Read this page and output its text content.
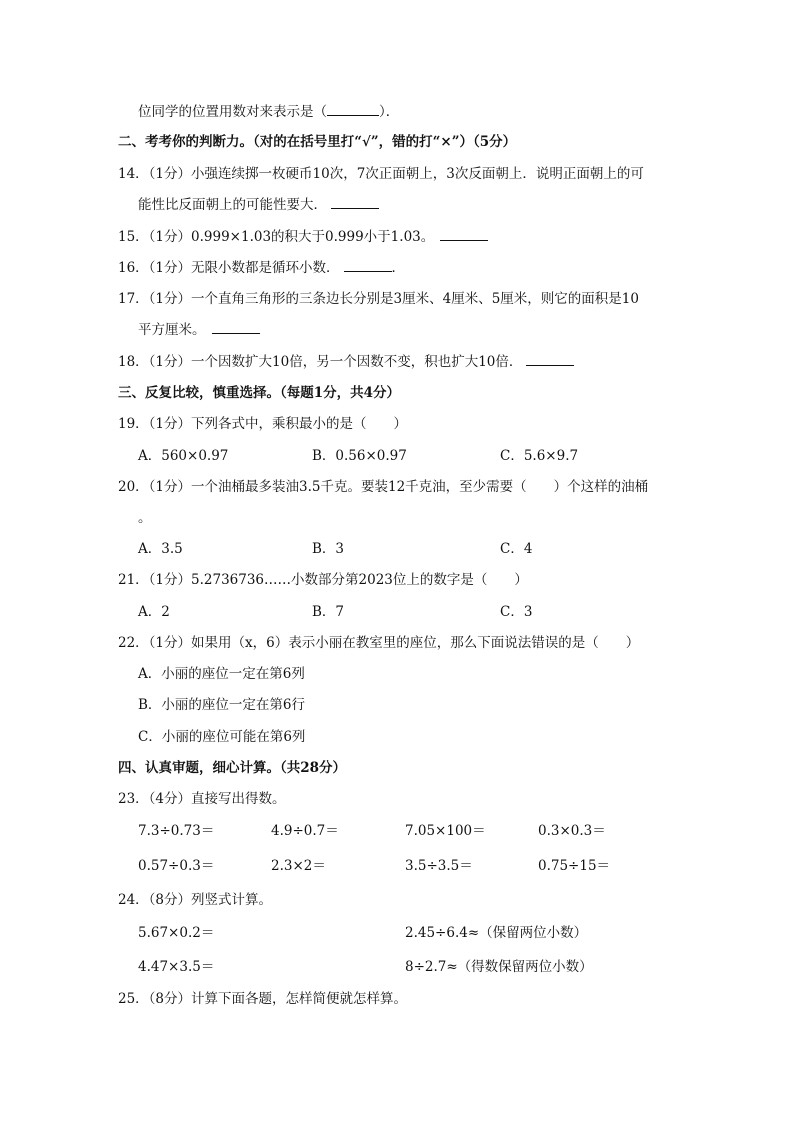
位同学的位置用数对来表示是（	）．
二、考考你的判断力。（对的在括号里打“√”，错的打“×”）（5分）
14．（1分）小强连续掷一枚硬币10次，7次正面朝上，3次反面朝上．说明正面朝上的可
能性比反面朝上的可能性要大．
15．（1分）0.999×1.03的积大于0.999小于1.03。
16．（1分）无限小数都是循环小数．	．
17．（1分）一个直角三角形的三条边长分别是3厘米、4厘米、5厘米，则它的面积是10
平方厘米。
18．（1分）一个因数扩大10倍，另一个因数不变，积也扩大10倍．
三、反复比较，慎重选择。（每题1分，共4分）
19．（1分）下列各式中，乘积最小的是（　　）
A．560×0.97	B．0.56×0.97	C．5.6×9.7
20．（1分）一个油桶最多装油3.5千克。要装12千克油，至少需要（　　）个这样的油桶
。
A．3.5	B．3	C．4
21．（1分）5.2736736……小数部分第2023位上的数字是（　　）
A．2	B．7	C．3
22．（1分）如果用（x，6）表示小丽在教室里的座位，那么下面说法错误的是（　　）
A．小丽的座位一定在第6列
B．小丽的座位一定在第6行
C．小丽的座位可能在第6列
四、认真审题，细心计算。（共28分）
23．（4分）直接写出得数。
7.3÷0.73＝	4.9÷0.7＝	7.05×100＝	0.3×0.3＝
0.57÷0.3＝	2.3×2＝	3.5÷3.5＝	0.75÷15＝
24．（8分）列竖式计算。
5.67×0.2＝	2.45÷6.4≈（保留两位小数）
4.47×3.5＝	8÷2.7≈（得数保留两位小数）
25．（8分）计算下面各题，怎样简便就怎样算。
